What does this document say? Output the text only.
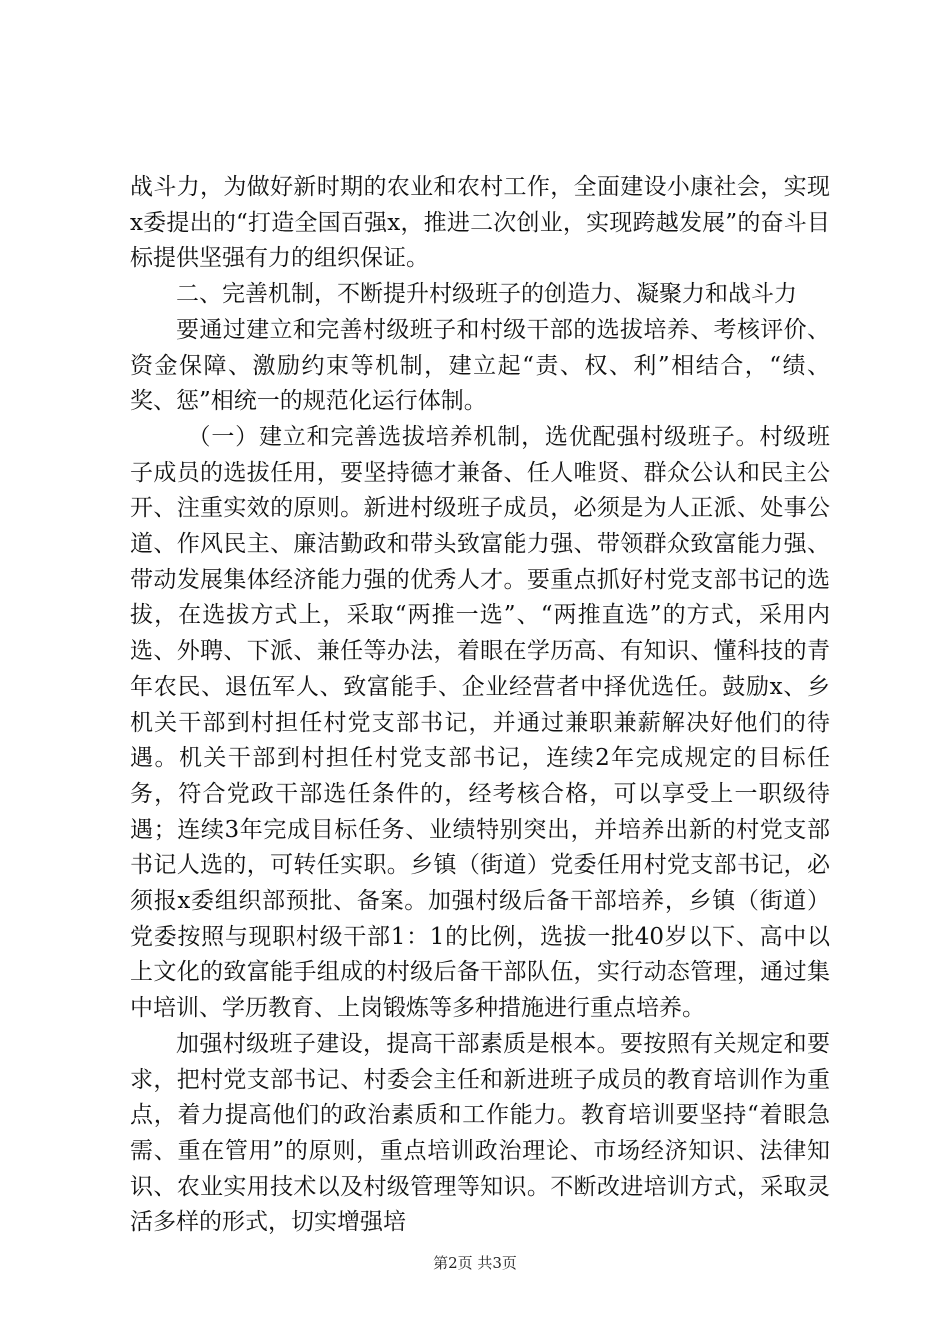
战斗力，为做好新时期的农业和农村工作，全面建设小康社会，实现x委提出的“打造全国百强x，推进二次创业，实现跨越发展”的奋斗目标提供坚强有力的组织保证。

二、完善机制，不断提升村级班子的创造力、凝聚力和战斗力

要通过建立和完善村级班子和村级干部的选拔培养、考核评价、资金保障、激励约束等机制，建立起“责、权、利”相结合，“绩、奖、惩”相统一的规范化运行体制。

（一）建立和完善选拔培养机制，选优配强村级班子。村级班子成员的选拔任用，要坚持德才兼备、任人唯贤、群众公认和民主公开、注重实效的原则。新进村级班子成员，必须是为人正派、处事公道、作风民主、廉洁勤政和带头致富能力强、带领群众致富能力强、带动发展集体经济能力强的优秀人才。要重点抓好村党支部书记的选拔，在选拔方式上，采取“两推一选”、“两推直选”的方式，采用内选、外聘、下派、兼任等办法，着眼在学历高、有知识、懂科技的青年农民、退伍军人、致富能手、企业经营者中择优选任。鼓励x、乡机关干部到村担任村党支部书记，并通过兼职兼薪解决好他们的待遇。机关干部到村担任村党支部书记，连续2年完成规定的目标任务，符合党政干部选任条件的，经考核合格，可以享受上一职级待遇；连续3年完成目标任务、业绩特别突出，并培养出新的村党支部书记人选的，可转任实职。乡镇（街道）党委任用村党支部书记，必须报x委组织部预批、备案。加强村级后备干部培养，乡镇（街道）党委按照与现职村级干部1：1的比例，选拔一批40岁以下、高中以上文化的致富能手组成的村级后备干部队伍，实行动态管理，通过集中培训、学历教育、上岗锻炼等多种措施进行重点培养。

加强村级班子建设，提高干部素质是根本。要按照有关规定和要求，把村党支部书记、村委会主任和新进班子成员的教育培训作为重点，着力提高他们的政治素质和工作能力。教育培训要坚持“着眼急需、重在管用”的原则，重点培训政治理论、市场经济知识、法律知识、农业实用技术以及村级管理等知识。不断改进培训方式，采取灵活多样的形式，切实增强培

第2页 共3页
